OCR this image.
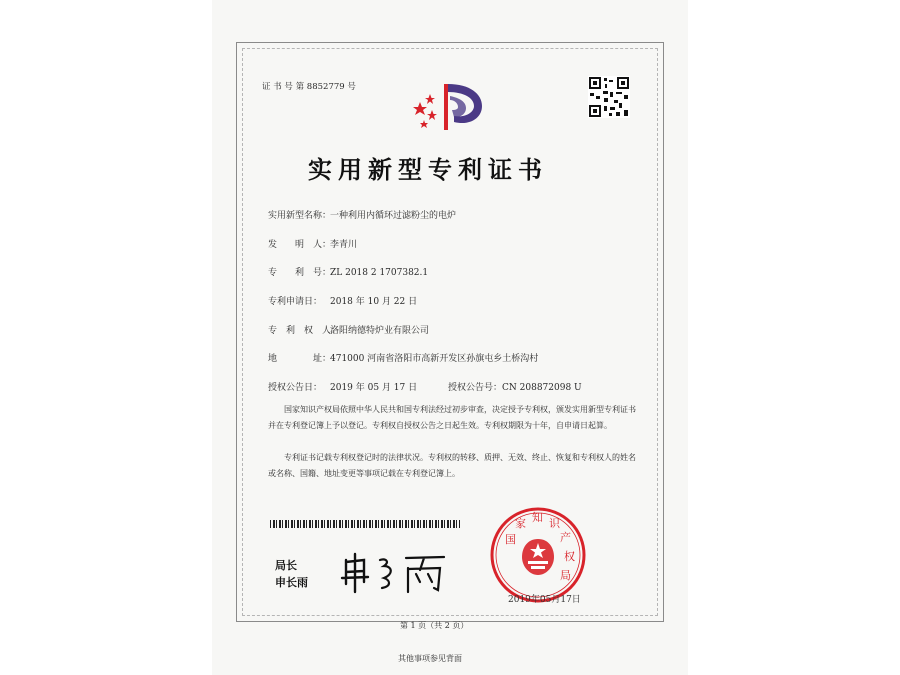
证 书 号 第 8852779 号
实用新型专利证书
实用新型名称：一种利用内循环过滤粉尘的电炉
发　　明　人：李青川
专　　利　号：ZL 2018 2 1707382.1
专利申请日： 2018 年 10 月 22 日
专　利　权　人：洛阳纳德特炉业有限公司
地　　　　址：471000 河南省洛阳市高新开发区孙旗屯乡土桥沟村
授权公告日： 2019 年 05 月 17 日	授权公告号：CN 208872098 U
国家知识产权局依照中华人民共和国专利法经过初步审查，决定授予专利权，颁发实用新型专利证书并在专利登记簿上予以登记。专利权自授权公告之日起生效。专利权期限为十年，自申请日起算。
专利证书记载专利权登记时的法律状况。专利权的转移、质押、无效、终止、恢复和专利权人的姓名或名称、国籍、地址变更等事项记载在专利登记簿上。
局长
申长雨
国
家 知 识
产
权
局
2019年05月17日
第 1 页（共 2 页）
其他事项参见背面
